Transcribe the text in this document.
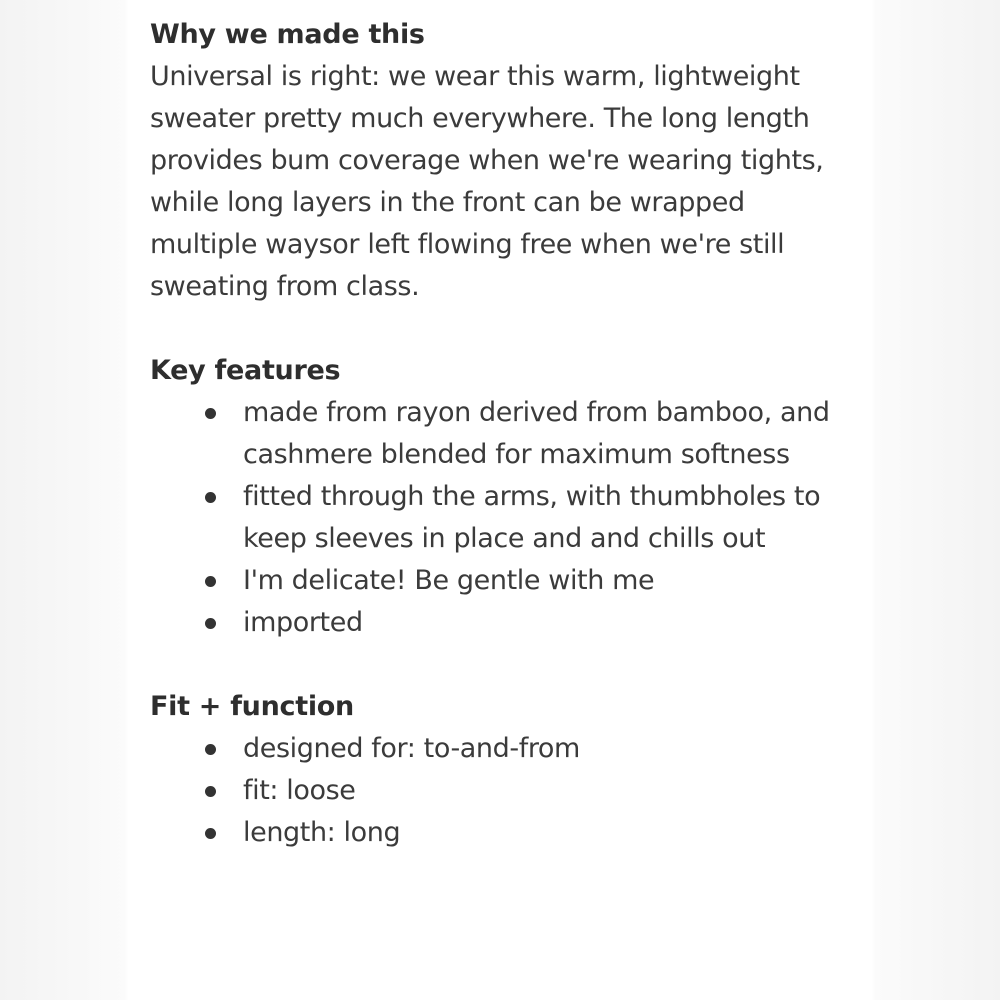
Why we made this

Universal is right: we wear this warm, lightweight sweater pretty much everywhere. The long length provides bum coverage when we're wearing tights, while long layers in the front can be wrapped multiple waysor left flowing free when we're still sweating from class.

Key features
made from rayon derived from bamboo, and cashmere blended for maximum softness
fitted through the arms, with thumbholes to keep sleeves in place and and chills out
I'm delicate! Be gentle with me
imported
Fit + function
designed for: to-and-from
fit: loose
length: long
